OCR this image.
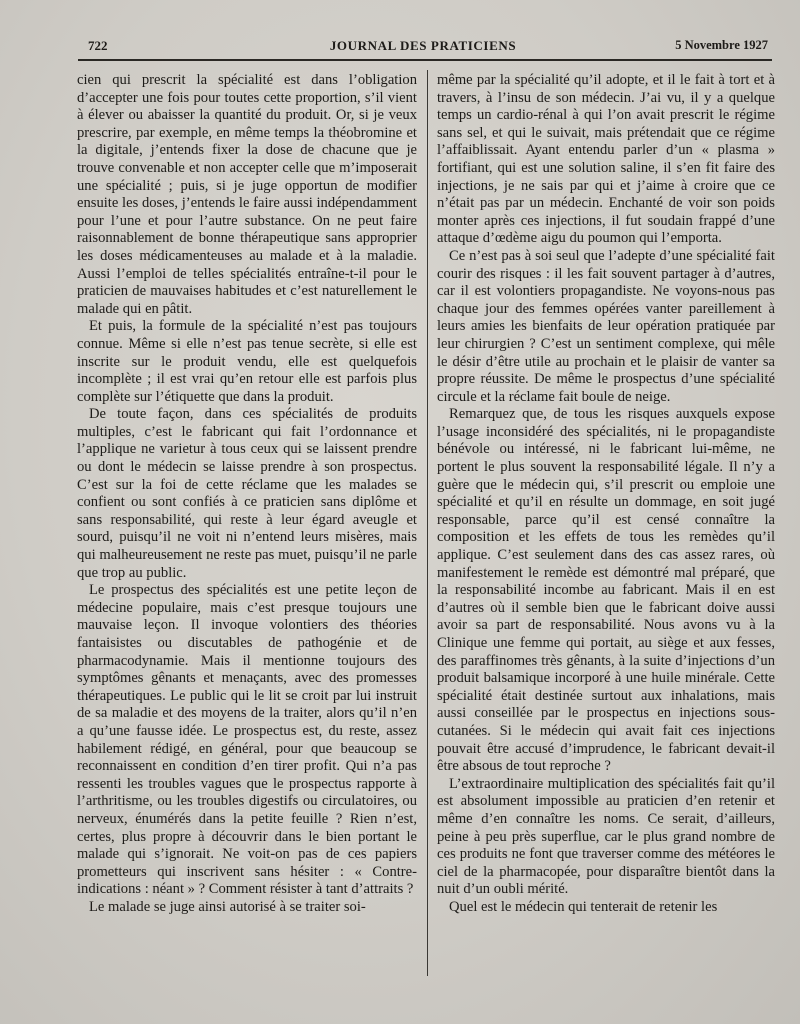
722	JOURNAL DES PRATICIENS	5 Novembre 1927

cien qui prescrit la spécialité est dans l’obligation d’accepter une fois pour toutes cette proportion, s’il vient à élever ou abaisser la quantité du produit. Or, si je veux prescrire, par exemple, en même temps la théobromine et la digitale, j’entends fixer la dose de chacune que je trouve convenable et non accepter celle que m’imposerait une spécialité ; puis, si je juge opportun de modifier ensuite les doses, j’entends le faire aussi indépendamment pour l’une et pour l’autre substance. On ne peut faire raisonnablement de bonne thérapeutique sans approprier les doses médicamenteuses au malade et à la maladie. Aussi l’emploi de telles spécialités entraîne-t-il pour le praticien de mauvaises habitudes et c’est naturellement le malade qui en pâtit.

Et puis, la formule de la spécialité n’est pas toujours connue. Même si elle n’est pas tenue secrète, si elle est inscrite sur le produit vendu, elle est quelquefois incomplète ; il est vrai qu’en retour elle est parfois plus complète sur l’étiquette que dans la produit.

De toute façon, dans ces spécialités de produits multiples, c’est le fabricant qui fait l’ordonnance et l’applique ne varietur à tous ceux qui se laissent prendre ou dont le médecin se laisse prendre à son prospectus. C’est sur la foi de cette réclame que les malades se confient ou sont confiés à ce praticien sans diplôme et sans responsabilité, qui reste à leur égard aveugle et sourd, puisqu’il ne voit ni n’entend leurs misères, mais qui malheureusement ne reste pas muet, puisqu’il ne parle que trop au public.

Le prospectus des spécialités est une petite leçon de médecine populaire, mais c’est presque toujours une mauvaise leçon. Il invoque volontiers des théories fantaisistes ou discutables de pathogénie et de pharmacodynamie. Mais il mentionne toujours des symptômes gênants et menaçants, avec des promesses thérapeutiques. Le public qui le lit se croit par lui instruit de sa maladie et des moyens de la traiter, alors qu’il n’en a qu’une fausse idée. Le prospectus est, du reste, assez habilement rédigé, en général, pour que beaucoup se reconnaissent en condition d’en tirer profit. Qui n’a pas ressenti les troubles vagues que le prospectus rapporte à l’arthritisme, ou les troubles digestifs ou circulatoires, ou nerveux, énumérés dans la petite feuille ? Rien n’est, certes, plus propre à découvrir dans le bien portant le malade qui s’ignorait. Ne voit-on pas de ces papiers prometteurs qui inscrivent sans hésiter : « Contre-indications : néant » ? Comment résister à tant d’attraits ?

Le malade se juge ainsi autorisé à se traiter soi-

même par la spécialité qu’il adopte, et il le fait à tort et à travers, à l’insu de son médecin. J’ai vu, il y a quelque temps un cardio-rénal à qui l’on avait prescrit le régime sans sel, et qui le suivait, mais prétendait que ce régime l’affaiblissait. Ayant entendu parler d’un « plasma » fortifiant, qui est une solution saline, il s’en fit faire des injections, je ne sais par qui et j’aime à croire que ce n’était pas par un médecin. Enchanté de voir son poids monter après ces injections, il fut soudain frappé d’une attaque d’œdème aigu du poumon qui l’emporta.

Ce n’est pas à soi seul que l’adepte d’une spécialité fait courir des risques : il les fait souvent partager à d’autres, car il est volontiers propagandiste. Ne voyons-nous pas chaque jour des femmes opérées vanter pareillement à leurs amies les bienfaits de leur opération pratiquée par leur chirurgien ? C’est un sentiment complexe, qui mêle le désir d’être utile au prochain et le plaisir de vanter sa propre réussite. De même le prospectus d’une spécialité circule et la réclame fait boule de neige.

Remarquez que, de tous les risques auxquels expose l’usage inconsidéré des spécialités, ni le propagandiste bénévole ou intéressé, ni le fabricant lui-même, ne portent le plus souvent la responsabilité légale. Il n’y a guère que le médecin qui, s’il prescrit ou emploie une spécialité et qu’il en résulte un dommage, en soit jugé responsable, parce qu’il est censé connaître la composition et les effets de tous les remèdes qu’il applique. C’est seulement dans des cas assez rares, où manifestement le remède est démontré mal préparé, que la responsabilité incombe au fabricant. Mais il en est d’autres où il semble bien que le fabricant doive aussi avoir sa part de responsabilité. Nous avons vu à la Clinique une femme qui portait, au siège et aux fesses, des paraffinomes très gênants, à la suite d’injections d’un produit balsamique incorporé à une huile minérale. Cette spécialité était destinée surtout aux inhalations, mais aussi conseillée par le prospectus en injections sous-cutanées. Si le médecin qui avait fait ces injections pouvait être accusé d’imprudence, le fabricant devait-il être absous de tout reproche ?

L’extraordinaire multiplication des spécialités fait qu’il est absolument impossible au praticien d’en retenir et même d’en connaître les noms. Ce serait, d’ailleurs, peine à peu près superflue, car le plus grand nombre de ces produits ne font que traverser comme des météores le ciel de la pharmacopée, pour disparaître bientôt dans la nuit d’un oubli mérité.

Quel est le médecin qui tenterait de retenir les
